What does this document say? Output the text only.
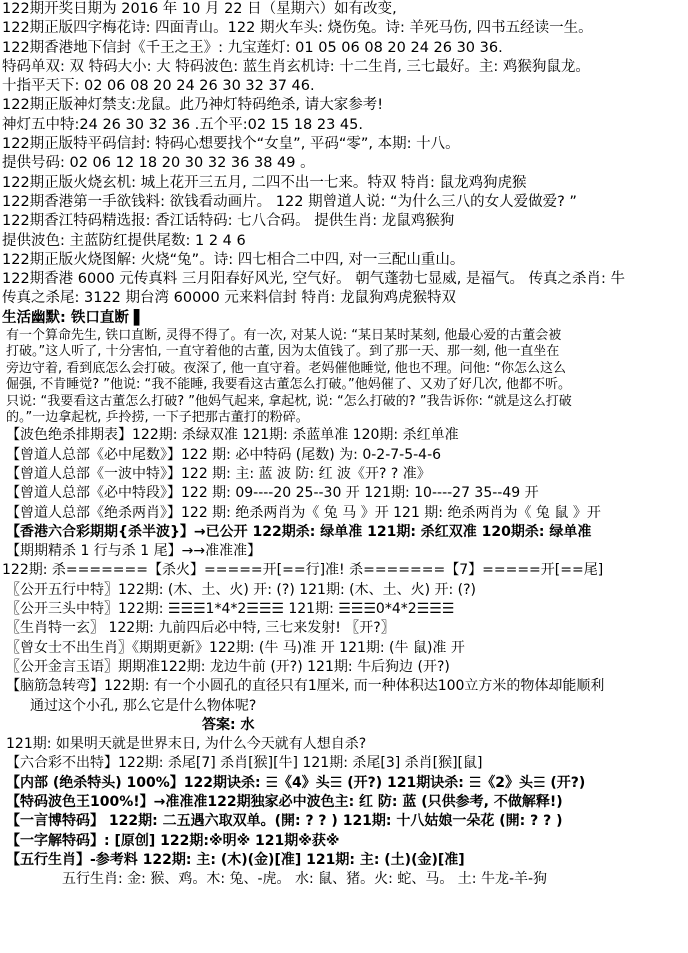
122期开奖日期为 2016 年 10 月 22 日（星期六）如有改变,
122期正版四字梅花诗: 四面青山。122 期火车头: 烧伤兔。诗: 羊死马伤, 四书五经读一生。
122期香港地下信封《千王之王》: 九宝莲灯: 01 05 06 08 20 24 26 30 36.
特码单双: 双 特码大小: 大 特码波色: 蓝生肖玄机诗: 十二生肖, 三七最好。主: 鸡猴狗鼠龙。
十指平天下: 02 06 08 20 24 26 30 32 37 46.
122期正版神灯禁支:龙鼠。此乃神灯特码绝杀, 请大家参考!
神灯五中特:24 26 30 32 36 .五个平:02 15 18 23 45.
122期正版特平码信封: 特码心想要找个“女皇”, 平码“零”, 本期: 十八。
提供号码: 02 06 12 18 20 30 32 36 38 49 。
122期正版火烧玄机: 城上花开三五月, 二四不出一七来。特双 特肖: 鼠龙鸡狗虎猴
122期香港第一手欲钱料: 欲钱看动画片。 122 期曾道人说: “为什么三八的女人爱做爱? ”
122期香江特码精选报: 香江话特码: 七八合码。 提供生肖: 龙鼠鸡猴狗
提供波色: 主蓝防红提供尾数: 1 2 4 6
122期正版火烧图解: 火烧“兔”。诗: 四七相合二中四, 对一三配山重山。
122期香港 6000 元传真料 三月阳春好风光, 空气好。 朝气蓬勃七显威, 是福气。 传真之杀肖: 牛
传真之杀尾: 3122 期台湾 60000 元来料信封 特肖: 龙鼠狗鸡虎猴特双
生活幽默: 铁口直断 ▌
有一个算命先生, 铁口直断, 灵得不得了。有一次, 对某人说: “某日某时某刻, 他最心爱的古董会被
打破。”这人听了, 十分害怕, 一直守着他的古董, 因为太值钱了。到了那一天、那一刻, 他一直坐在
旁边守着, 看到底怎么会打破。夜深了, 他一直守着。老妈催他睡觉, 他也不理。问他: “你怎么这么
倔强, 不肯睡觉? ”他说: “我不能睡, 我要看这古董怎么打破。”他妈催了、又劝了好几次, 他都不听。
只说: “我要看这古董怎么打破? ”他妈气起来, 拿起枕, 说: “怎么打破的? ”我告诉你: “就是这么打破
的。”一边拿起枕, 乒拎捞, 一下子把那古董打的粉碎。
【波色绝杀排期表】122期: 杀绿双准 121期: 杀蓝单准 120期: 杀红单准
【曾道人总部《必中尾数》】122 期: 必中特码 (尾数) 为: 0-2-7-5-4-6
【曾道人总部《一波中特》】122 期: 主: 蓝 波 防: 红 波《开? ? 准》
【曾道人总部《必中特段》】122 期: 09----20 25--30 开 121期: 10----27 35--49 开
【曾道人总部《绝杀两肖》】122 期: 绝杀两肖为《 兔 马 》开 121 期: 绝杀两肖为《 兔 鼠 》开
【香港六合彩期期{杀半波}】→已公开 122期杀: 绿单准 121期: 杀红双准 120期杀: 绿单准
【期期精杀 1 行与杀 1 尾】→→准准准】
122期: 杀=======【杀火】=====开[==行]准! 杀=======【7】=====开[==尾]
〖公开五行中特〗122期: (木、土、火) 开: (?) 121期: (木、土、火) 开: (?)
〖公开三头中特〗122期: ☰☰☰1*4*2☰☰☰ 121期: ☰☰☰0*4*2☰☰☰
〖生肖特一玄〗 122期: 九前四后必中特, 三七来发射! 〖开?〗
〖曾女士不出生肖〗《期期更新》122期: (牛 马)准 开 121期: (牛 鼠)准 开
〖公开金言玉语〗期期准122期: 龙边牛前 (开?) 121期: 牛后狗边 (开?)
【脑筋急转弯】122期: 有一个小圆孔的直径只有1厘米, 而一种体积达100立方米的物体却能顺利
通过这个小孔, 那么它是什么物体呢?
答案: 水
121期: 如果明天就是世界末日, 为什么今天就有人想自杀?
【六合彩不出特】122期: 杀尾[7] 杀肖[猴][牛] 121期: 杀尾[3] 杀肖[猴][鼠]
【内部 (绝杀特头) 100%】122期诀杀: ☰《4》头☰ (开?) 121期诀杀: ☰《2》头☰ (开?)
【特码波色王100%!】→准准准122期独家必中波色主: 红 防: 蓝 (只供参考, 不做解释!)
【一言博特码】 122期: 二五遇六取双单。(開: ? ? ) 121期: 十八姑娘一朵花 (開: ? ? )
【一字解特码】: [原创] 122期:※明※ 121期※获※
【五行生肖】-参考料 122期: 主: (木)(金)[准] 121期: 主: (土)(金)[准]
五行生肖: 金: 猴、鸡。木: 兔、-虎。 水: 鼠、猪。火: 蛇、马。 土: 牛龙-羊-狗
